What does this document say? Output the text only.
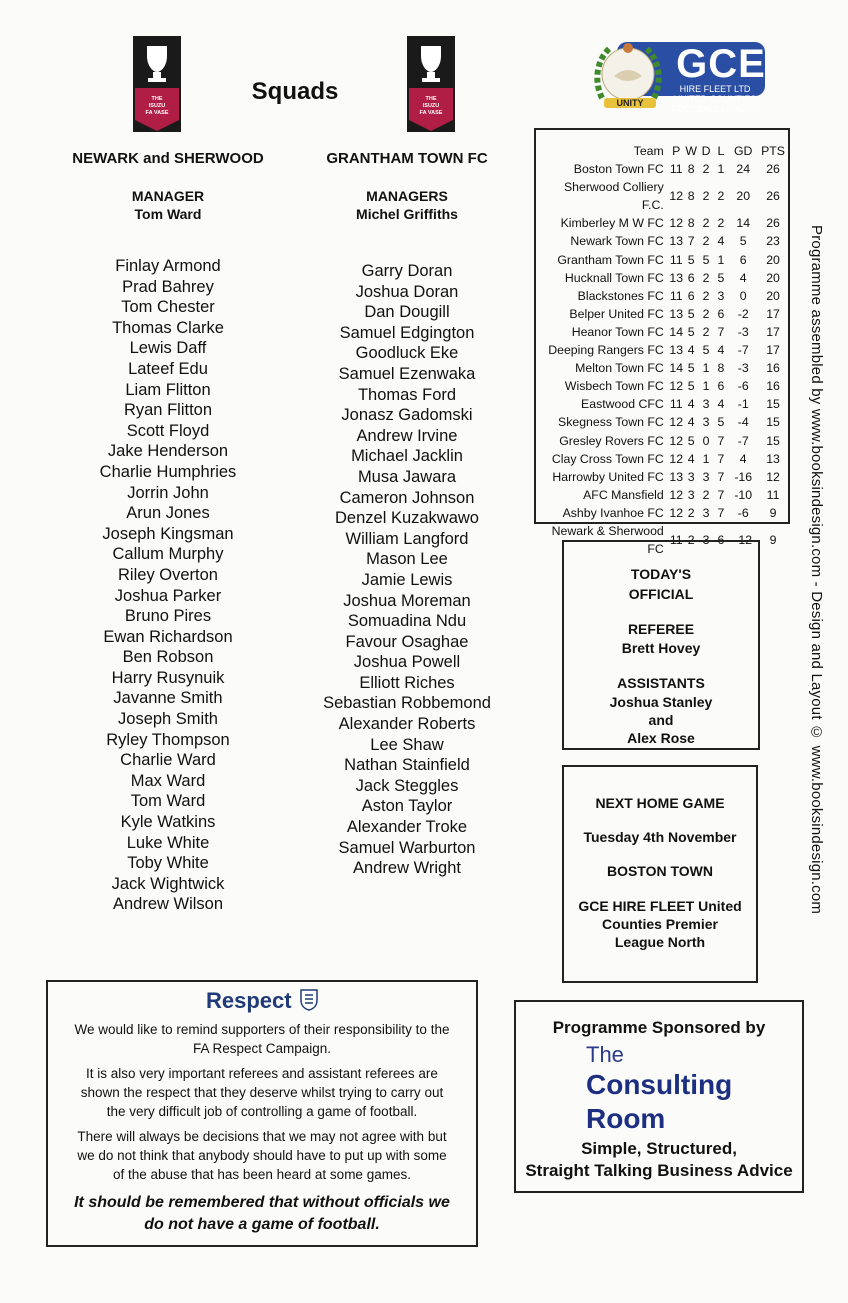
THE
ISUZU
FA VASE
THE
ISUZU
FA VASE
Squads
NEWARK and SHERWOOD
MANAGER
Tom Ward
Finlay Armond
Prad Bahrey
Tom Chester
Thomas Clarke
Lewis Daff
Lateef Edu
Liam Flitton
Ryan Flitton
Scott Floyd
Jake Henderson
Charlie Humphries
Jorrin John
Arun Jones
Joseph Kingsman
Callum Murphy
Riley Overton
Joshua Parker
Bruno Pires
Ewan Richardson
Ben Robson
Harry Rusynuik
Javanne Smith
Joseph Smith
Ryley Thompson
Charlie Ward
Max Ward
Tom Ward
Kyle Watkins
Luke White
Toby White
Jack Wightwick
Andrew Wilson
GRANTHAM TOWN FC
MANAGERS
Michel Griffiths
Garry Doran
Joshua Doran
Dan Dougill
Samuel Edgington
Goodluck Eke
Samuel Ezenwaka
Thomas Ford
Jonasz Gadomski
Andrew Irvine
Michael Jacklin
Musa Jawara
Cameron Johnson
Denzel Kuzakwawo
William Langford
Mason Lee
Jamie Lewis
Joshua Moreman
Somuadina Ndu
Favour Osaghae
Joshua Powell
Elliott Riches
Sebastian Robbemond
Alexander Roberts
Lee Shaw
Nathan Stainfield
Jack Steggles
Aston Taylor
Alexander Troke
Samuel Warburton
Andrew Wright
GCE
HIRE FLEET LTD
UNITED COUNTIES
FOOTBALL LEAGUE
UNITY
Team	P	W	D	L	GD	PTS
Boston Town FC	11	8	2	1	24	26
Sherwood Colliery F.C.	12	8	2	2	20	26
Kimberley M W FC	12	8	2	2	14	26
Newark Town FC	13	7	2	4	5	23
Grantham Town FC	11	5	5	1	6	20
Hucknall Town FC	13	6	2	5	4	20
Blackstones FC	11	6	2	3	0	20
Belper United FC	13	5	2	6	-2	17
Heanor Town FC	14	5	2	7	-3	17
Deeping Rangers FC	13	4	5	4	-7	17
Melton Town FC	14	5	1	8	-3	16
Wisbech Town FC	12	5	1	6	-6	16
Eastwood CFC	11	4	3	4	-1	15
Skegness Town FC	12	4	3	5	-4	15
Gresley Rovers FC	12	5	0	7	-7	15
Clay Cross Town FC	12	4	1	7	4	13
Harrowby United FC	13	3	3	7	-16	12
AFC Mansfield	12	3	2	7	-10	11
Ashby Ivanhoe FC	12	2	3	7	-6	9
Newark & Sherwood FC	11	2	3	6	-12	9
TODAY'S
OFFICIAL
REFEREE
Brett Hovey
ASSISTANTS
Joshua Stanley
and
Alex Rose
NEXT HOME GAME
Tuesday 4th November
BOSTON TOWN
GCE HIRE FLEET United
Counties Premier
League North
Programme assembled by www.booksindesign.com - Design and Layout © www.booksindesign.com
Respect

We would like to remind supporters of their responsibility to the

FA Respect Campaign.

It is also very important referees and assistant referees are

shown the respect that they deserve whilst trying to carry out

the very difficult job of controlling a game of football.

There will always be decisions that we may not agree with but

we do not think that anybody should have to put up with some

of the abuse that has been heard at some games.

It should be remembered that without officials we
do not have a game of football.
Programme Sponsored by
The
Consulting
Room
Simple, Structured,
Straight Talking Business Advice
